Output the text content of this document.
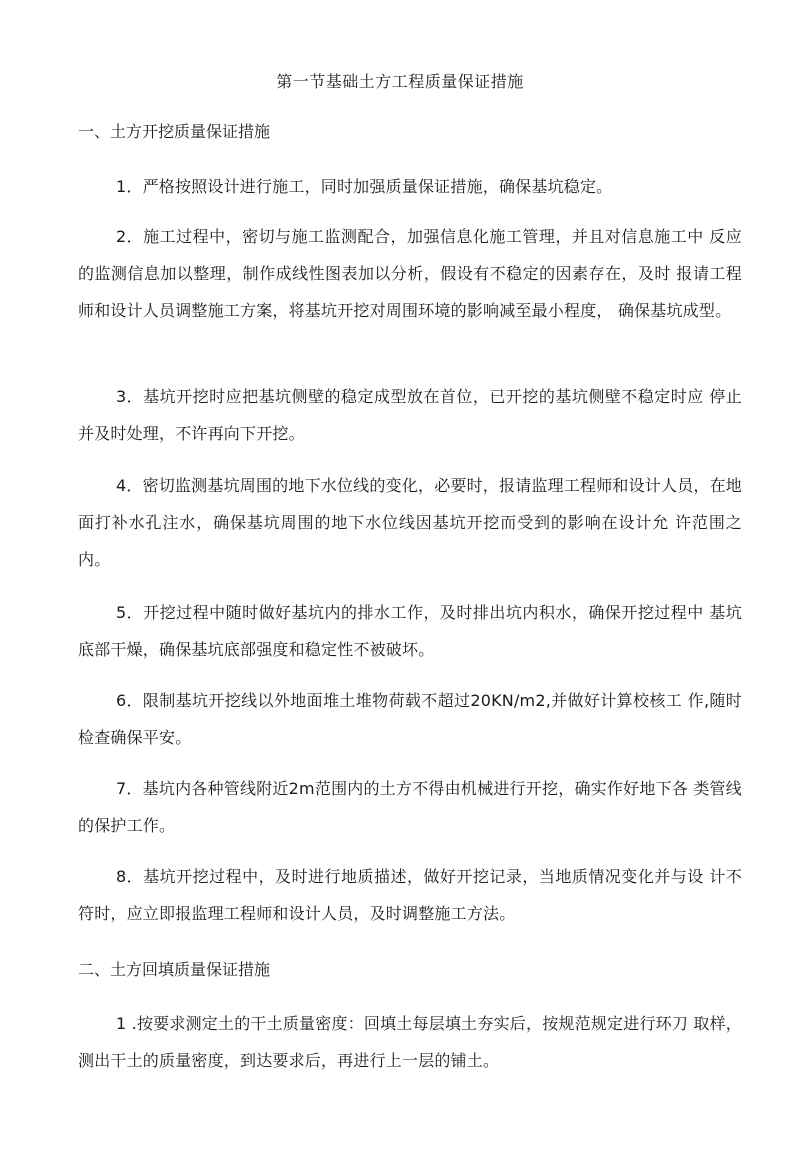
第一节基础土方工程质量保证措施
一、土方开挖质量保证措施
1．严格按照设计进行施工，同时加强质量保证措施，确保基坑稳定。
2．施工过程中，密切与施工监测配合，加强信息化施工管理，并且对信息施工中 反应的监测信息加以整理，制作成线性图表加以分析，假设有不稳定的因素存在，及时 报请工程师和设计人员调整施工方案，将基坑开挖对周围环境的影响减至最小程度， 确保基坑成型。
3．基坑开挖时应把基坑侧壁的稳定成型放在首位，已开挖的基坑侧壁不稳定时应 停止并及时处理，不许再向下开挖。
4．密切监测基坑周围的地下水位线的变化，必要时，报请监理工程师和设计人员，在地面打补水孔注水，确保基坑周围的地下水位线因基坑开挖而受到的影响在设计允 许范围之内。
5．开挖过程中随时做好基坑内的排水工作，及时排出坑内积水，确保开挖过程中 基坑底部干燥，确保基坑底部强度和稳定性不被破坏。
6．限制基坑开挖线以外地面堆土堆物荷载不超过20KN/m2,并做好计算校核工 作,随时检查确保平安。
7．基坑内各种管线附近2m范围内的土方不得由机械进行开挖，确实作好地下各 类管线的保护工作。
8．基坑开挖过程中，及时进行地质描述，做好开挖记录，当地质情况变化并与设 计不符时，应立即报监理工程师和设计人员，及时调整施工方法。
二、土方回填质量保证措施
1 .按要求测定土的干土质量密度：回填土每层填土夯实后，按规范规定进行环刀 取样，测出干土的质量密度，到达要求后，再进行上一层的铺土。
